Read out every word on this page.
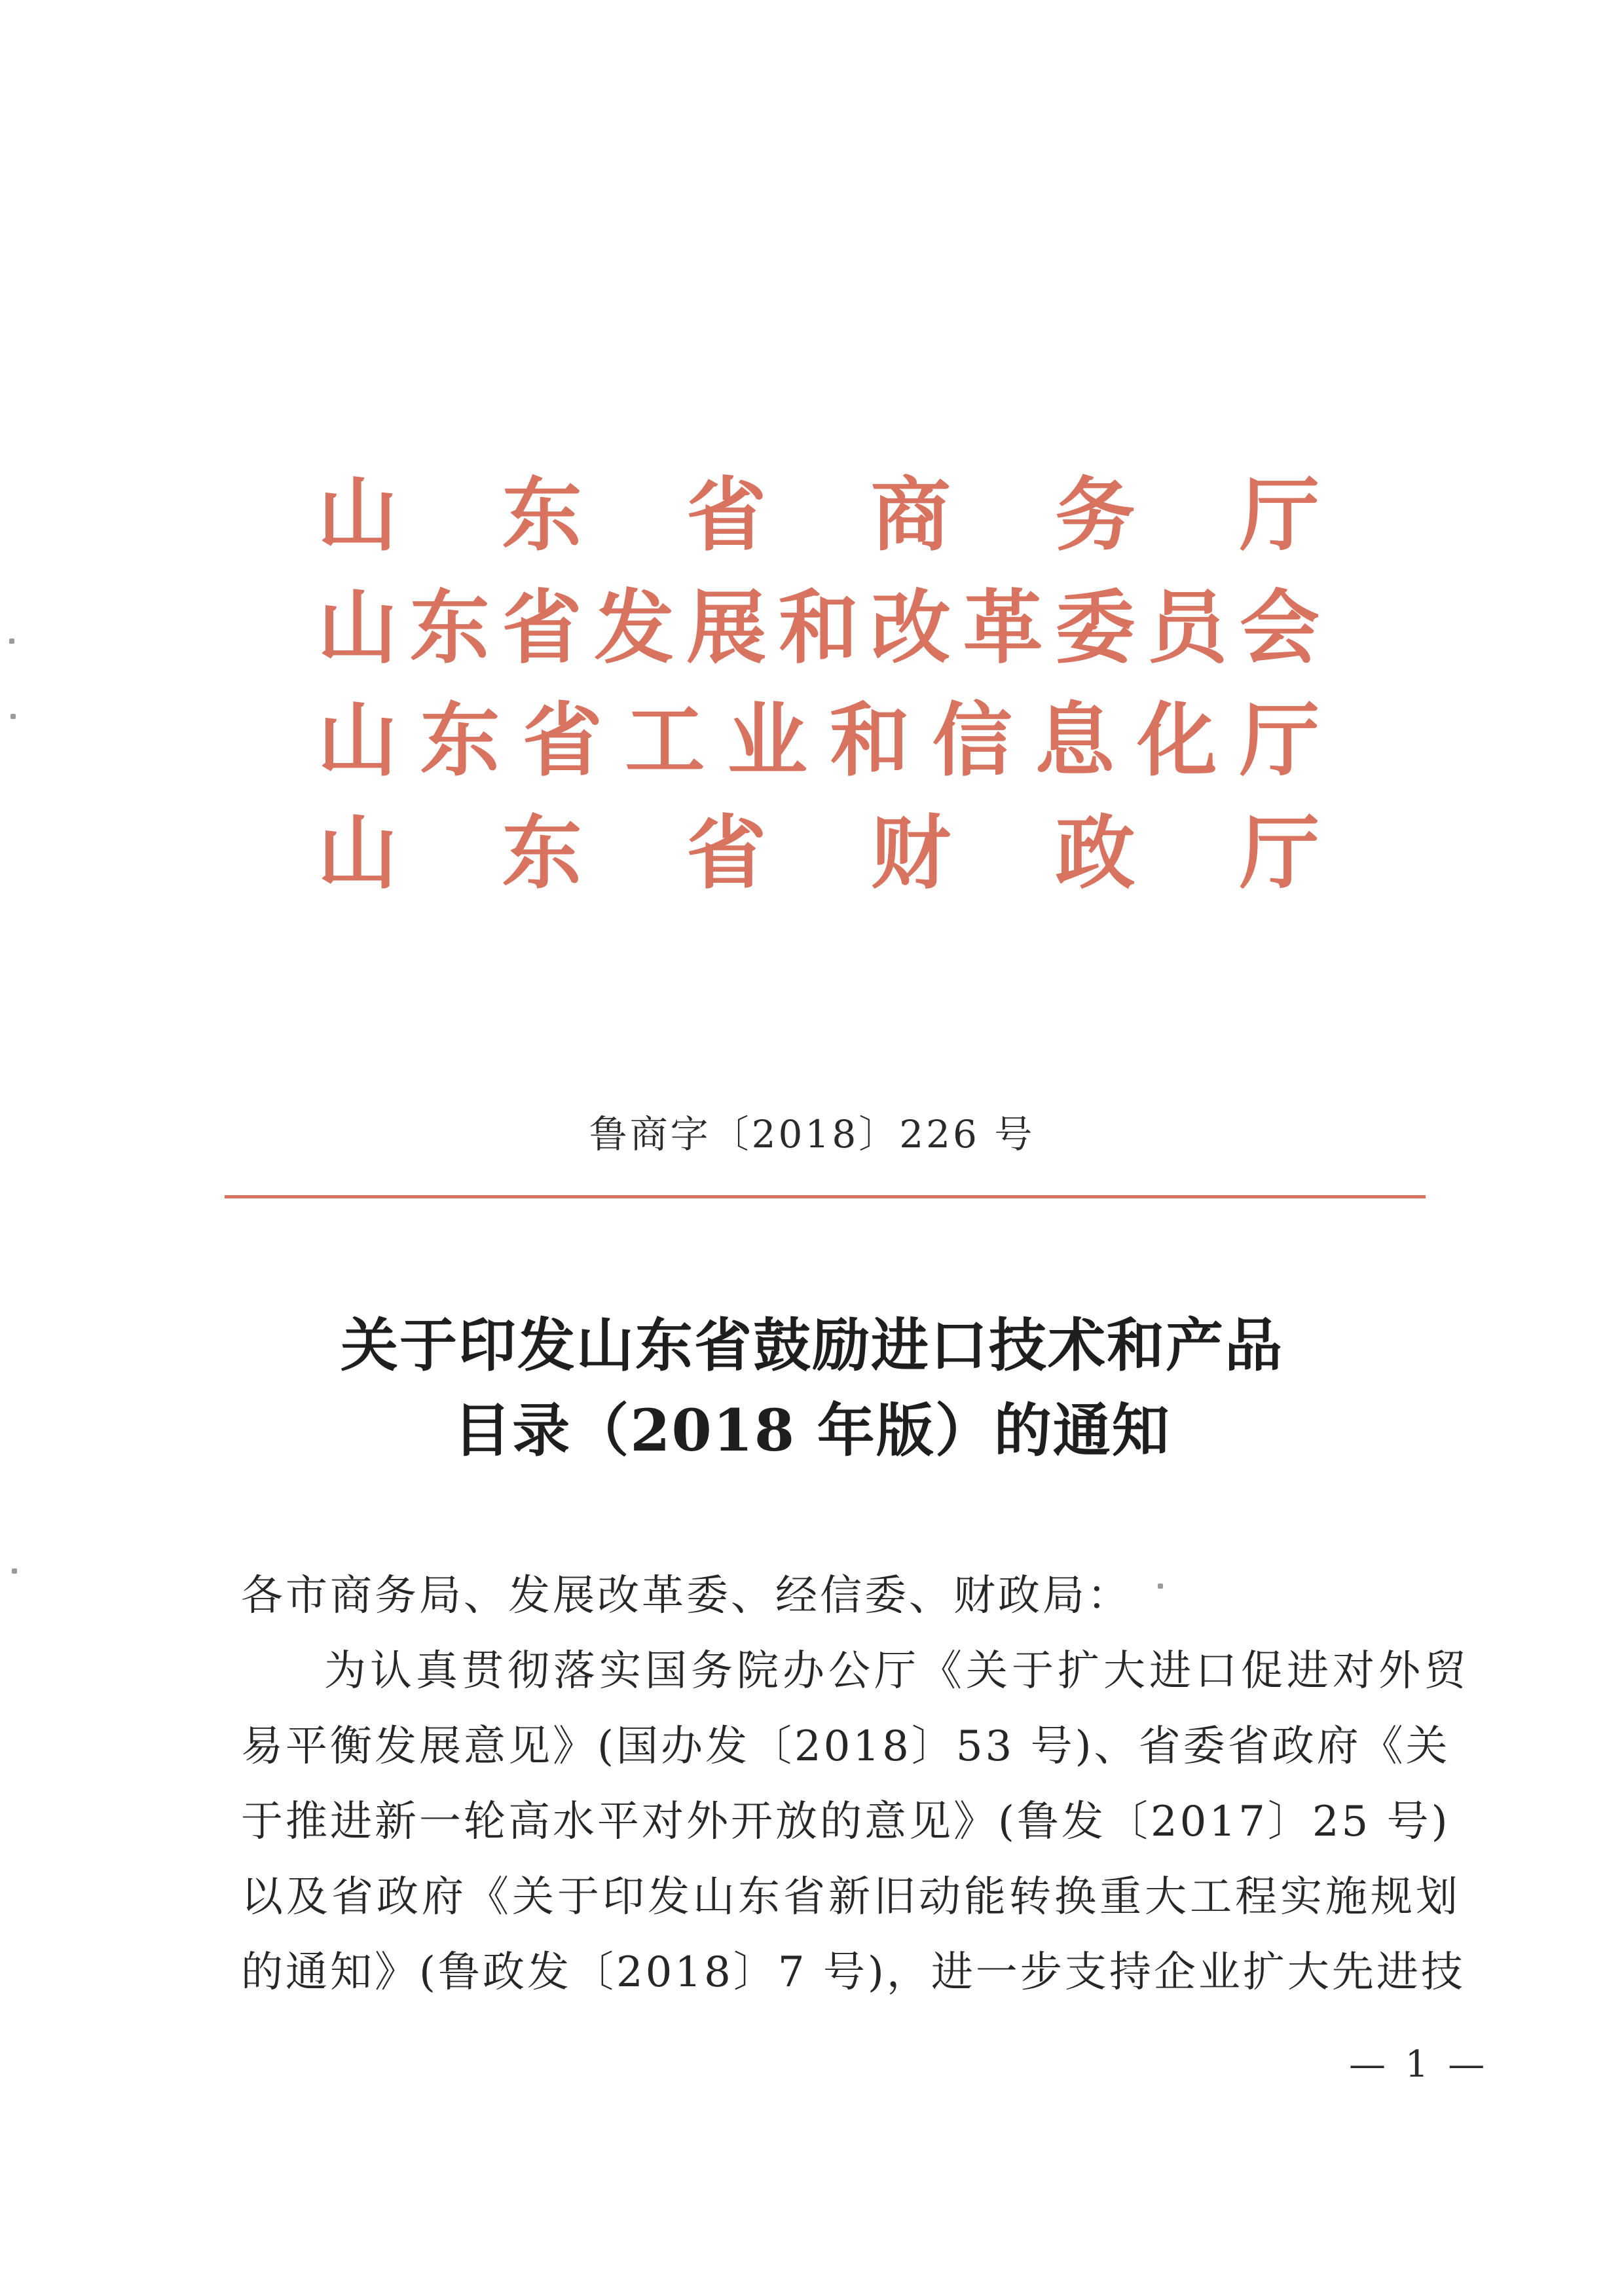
山 东 省 商 务 厅
山 东 省 发 展 和 改 革 委 员 会
山 东 省 工 业 和 信 息 化 厅
山 东 省 财 政 厅
鲁商字〔2018〕226 号
关于印发山东省鼓励进口技术和产品
目录（2018 年版）的通知
各市商务局、发展改革委、经信委、财政局：
为认真贯彻落实国务院办公厅《关于扩大进口促进对外贸
易平衡发展意见》(国办发〔2018〕53 号)、省委省政府《关
于推进新一轮高水平对外开放的意见》(鲁发〔2017〕25 号)
以及省政府《关于印发山东省新旧动能转换重大工程实施规划
的通知》(鲁政发〔2018〕7 号)，进一步支持企业扩大先进技
— 1 —
